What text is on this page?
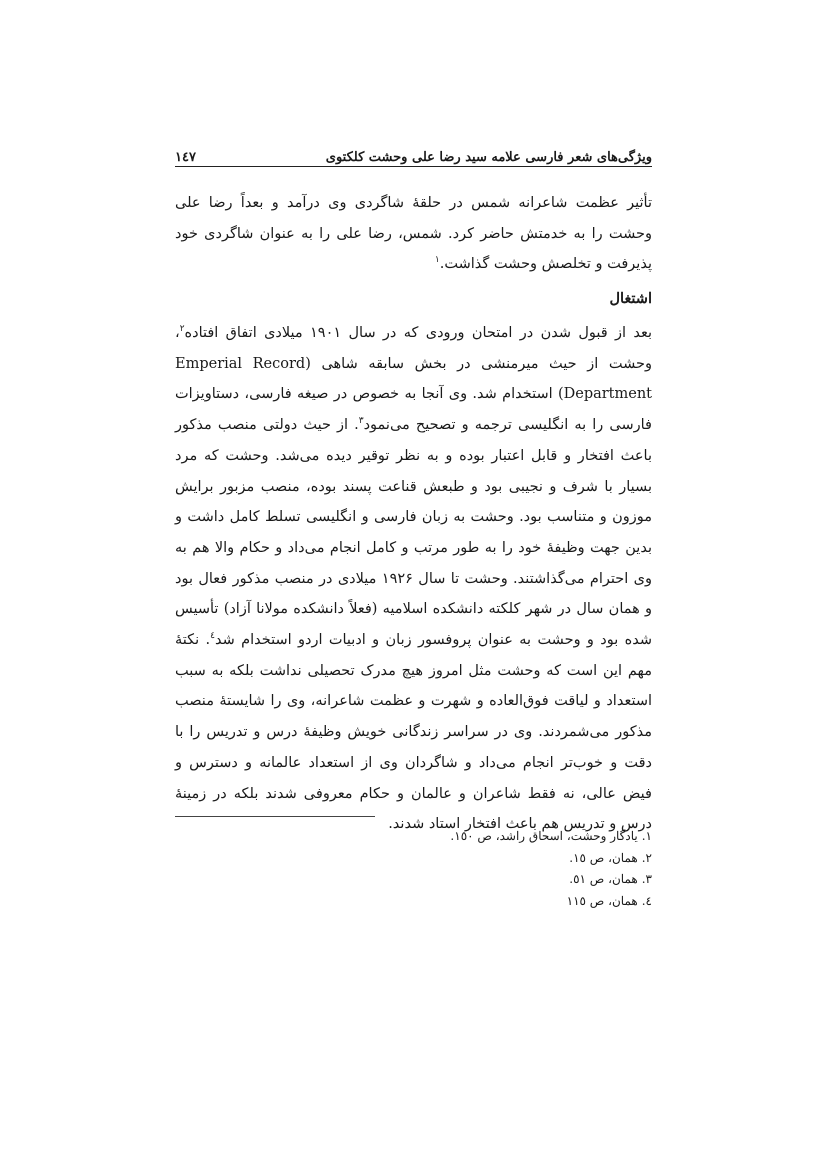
ویژگی‌های شعر فارسی علامه سید رضا علی وحشت کلکتوی
۱٤۷

تأثیر عظمت شاعرانه شمس در حلقهٔ شاگردی وی درآمد و بعداً رضا علی وحشت را به خدمتش حاضر کرد. شمس، رضا علی را به عنوان شاگردی خود پذیرفت و تخلصش وحشت گذاشت.$^۱$

اشتغال

بعد از قبول شدن در امتحان ورودی که در سال ۱۹۰۱ میلادی اتفاق افتاده$^۲$، وحشت از حیث میرمنشی در بخش سابقه شاهی (Emperial Record Department) استخدام شد. وی آنجا به خصوص در صیغه فارسی، دستاویزات فارسی را به انگلیسی ترجمه و تصحیح می‌نمود$^۳$. از حیث دولتی منصب مذکور باعث افتخار و قابل اعتبار بوده و به نظر توقیر دیده می‌شد. وحشت که مرد بسیار با شرف و نجیبی بود و طبعش قناعت پسند بوده، منصب مزبور برایش موزون و متناسب بود. وحشت به زبان فارسی و انگلیسی تسلط کامل داشت و بدین جهت وظیفهٔ خود را به طور مرتب و کامل انجام می‌داد و حکام والا هم به وی احترام می‌گذاشتند. وحشت تا سال ۱۹۲۶ میلادی در منصب مذکور فعال بود و همان سال در شهر کلکته دانشکده اسلامیه (فعلاً دانشکده مولانا آزاد) تأسیس شده بود و وحشت به عنوان پروفسور زبان و ادبیات اردو استخدام شد$^٤$. نکتهٔ مهم این است که وحشت مثل امروز هیچ مدرک تحصیلی نداشت بلکه به سبب استعداد و لیاقت فوق‌العاده و شهرت و عظمت شاعرانه، وی را شایستهٔ منصب مذکور می‌شمردند. وی در سراسر زندگانی خویش وظیفهٔ درس و تدریس را با دقت و خوب‌تر انجام می‌داد و شاگردان وی از استعداد عالمانه و دسترس و فیض عالی، نه فقط شاعران و عالمان و حکام معروفی شدند بلکه در زمینهٔ درس و تدریس هم باعث افتخار استاد شدند.

۱.یادگار وحشت، اسحاق راشد، ص ۱٥۰.
۲.همان، ص ۱٥.
۳.همان، ص ٥۱.
٤.همان، ص ۱۱٥
